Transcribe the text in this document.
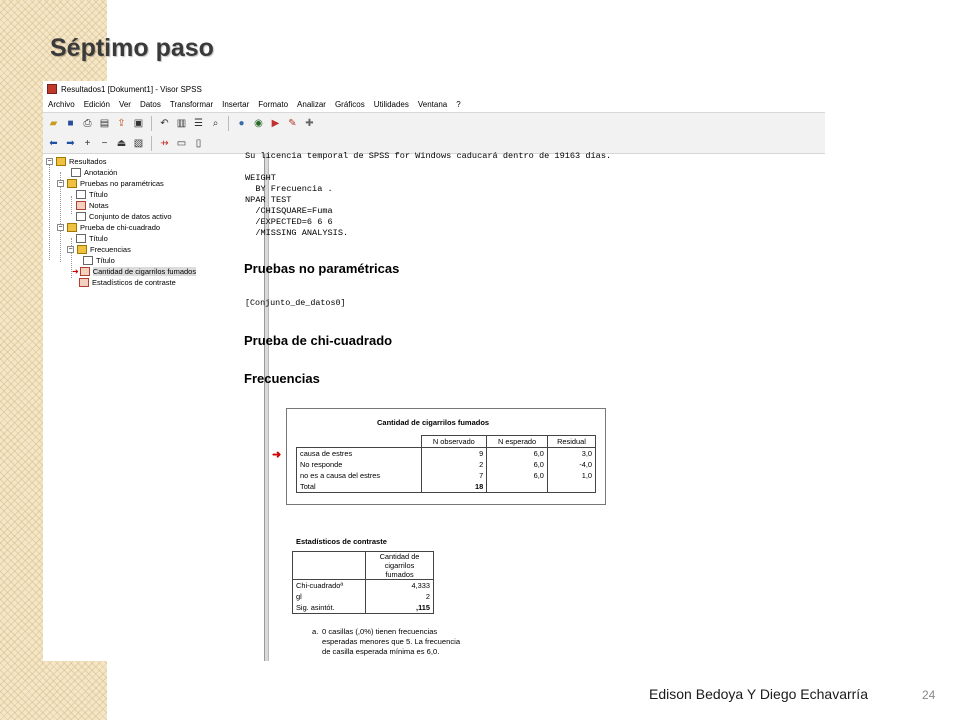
Séptimo paso
Resultados1 [Dokument1] - Visor SPSS
Archivo Edición Ver Datos Transformar Insertar Formato Analizar Gráficos Utilidades Ventana ?
▰	■ ⎙ ▤ ⇪ ▣ ↶ ▥ ☰ ⌕	● ◉ ▶ ✎ ✚
⬅ ➡ +	− ⏏ ▧ ⇸ ▭ ▯
− Resultados
Anotación
− Pruebas no paramétricas
Título
Notas
Conjunto de datos activo
− Prueba de chi-cuadrado
Título
− Frecuencias
Título
➜ Cantidad de cigarrilos fumados
Estadísticos de contraste
Su licencia temporal de SPSS for Windows caducará dentro de 19163 días.
WEIGHT
BY Frecuencia .
NPAR TEST
/CHISQUARE=Fuma
/EXPECTED=6 6 6
/MISSING ANALYSIS.
Pruebas no paramétricas
[Conjunto_de_datos0]
Prueba de chi-cuadrado
Frecuencias
➜
Cantidad de cigarrilos fumados
	N observado	N esperado	Residual
causa de estres	9	6,0	3,0
No responde	2	6,0	-4,0
no es a causa del estres	7	6,0	1,0
Total	18		
Estadísticos de contraste
	Cantidad de
cigarrilos
fumados
Chi-cuadradoª	4,333
gl	2
Sig. asintót.	,115
a. 0 casillas (,0%) tienen frecuencias
esperadas menores que 5. La frecuencia
de casilla esperada mínima es 6,0.
Edison Bedoya Y Diego Echavarría	24
